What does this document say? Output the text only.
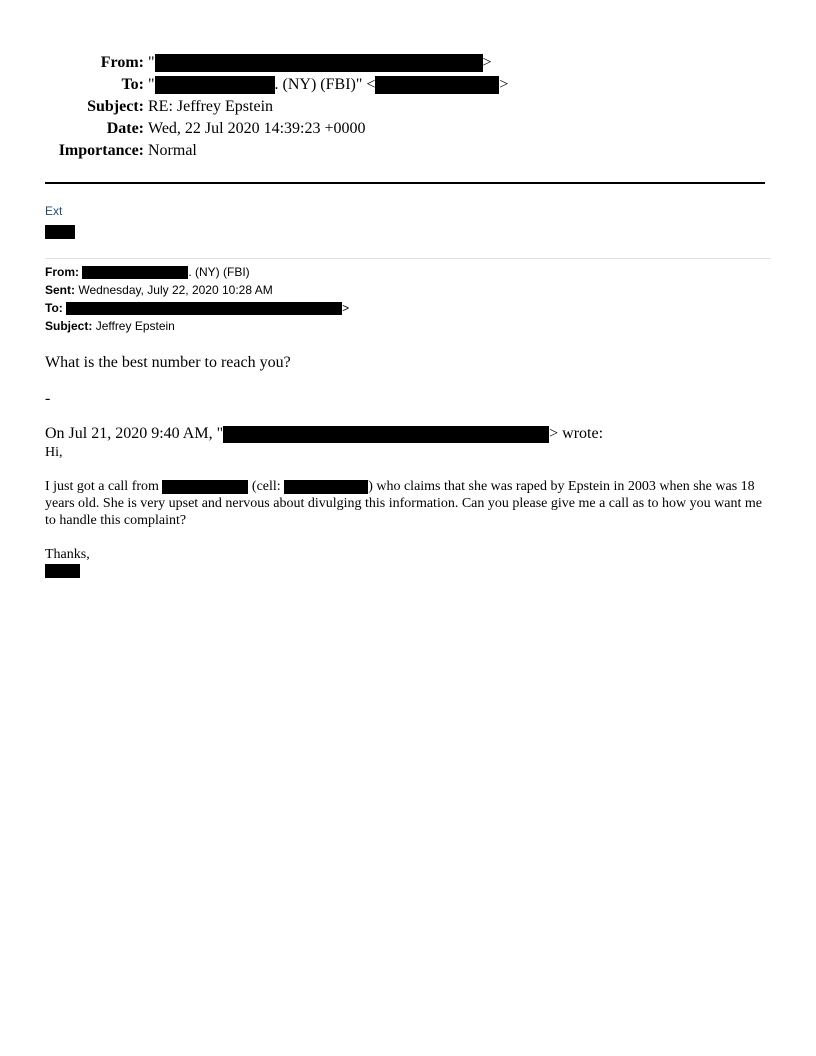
From: "	>
To: "	. (NY) (FBI)" <	>
Subject: RE: Jeffrey Epstein
Date: Wed, 22 Jul 2020 14:39:23 +0000
Importance: Normal
Ext
From:	. (NY) (FBI)
Sent: Wednesday, July 22, 2020 10:28 AM
To:	>
Subject: Jeffrey Epstein
What is the best number to reach you?
-
On Jul 21, 2020 9:40 AM, "	> wrote:
Hi,
I just got a call from	(cell:	) who claims that she was raped by Epstein in 2003 when she was 18 years old. She is very upset and nervous about divulging this information. Can you please give me a call as to how you want me to handle this complaint?
Thanks,
